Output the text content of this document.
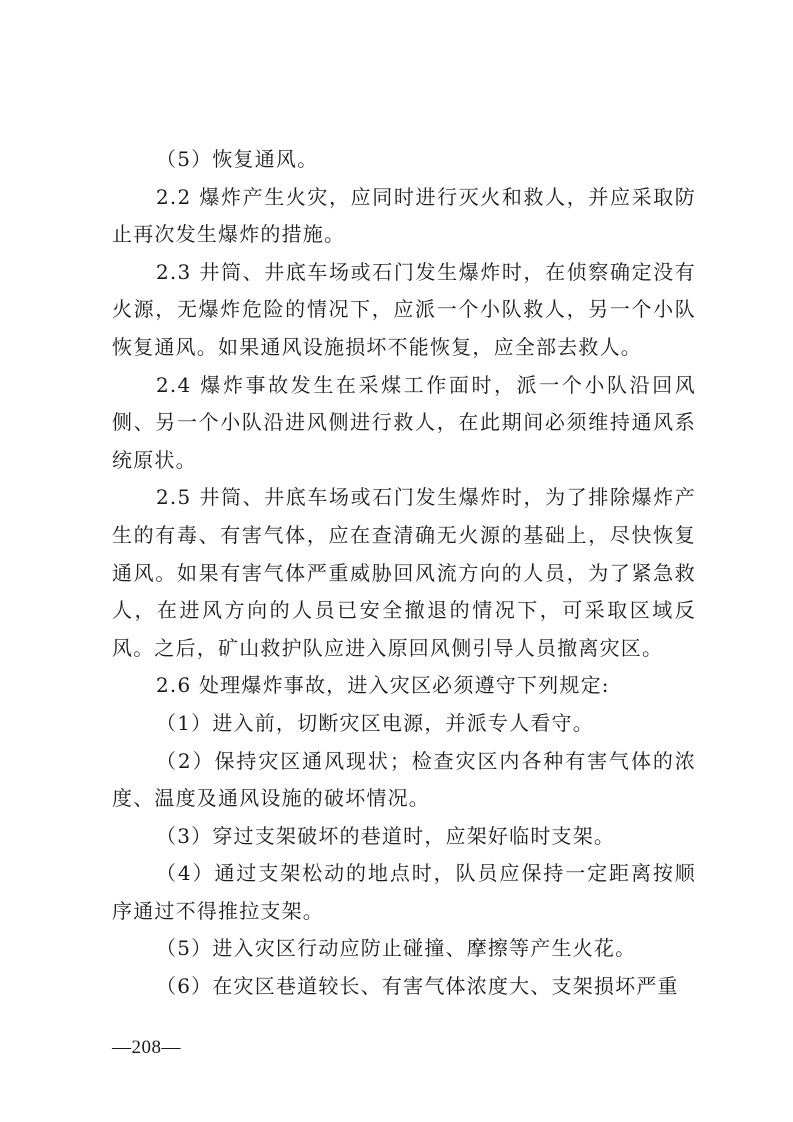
（5）恢复通风。

2.2 爆炸产生火灾，应同时进行灭火和救人，并应采取防止再次发生爆炸的措施。

2.3 井筒、井底车场或石门发生爆炸时，在侦察确定没有火源，无爆炸危险的情况下，应派一个小队救人，另一个小队恢复通风。如果通风设施损坏不能恢复，应全部去救人。

2.4 爆炸事故发生在采煤工作面时，派一个小队沿回风侧、另一个小队沿进风侧进行救人，在此期间必须维持通风系统原状。

2.5 井筒、井底车场或石门发生爆炸时，为了排除爆炸产生的有毒、有害气体，应在查清确无火源的基础上，尽快恢复通风。如果有害气体严重威胁回风流方向的人员，为了紧急救人，在进风方向的人员已安全撤退的情况下，可采取区域反风。之后，矿山救护队应进入原回风侧引导人员撤离灾区。

2.6 处理爆炸事故，进入灾区必须遵守下列规定:

（1）进入前，切断灾区电源，并派专人看守。

（2）保持灾区通风现状；检查灾区内各种有害气体的浓度、温度及通风设施的破坏情况。

（3）穿过支架破坏的巷道时，应架好临时支架。

（4）通过支架松动的地点时，队员应保持一定距离按顺序通过不得推拉支架。

（5）进入灾区行动应防止碰撞、摩擦等产生火花。

（6）在灾区巷道较长、有害气体浓度大、支架损坏严重

—208—
